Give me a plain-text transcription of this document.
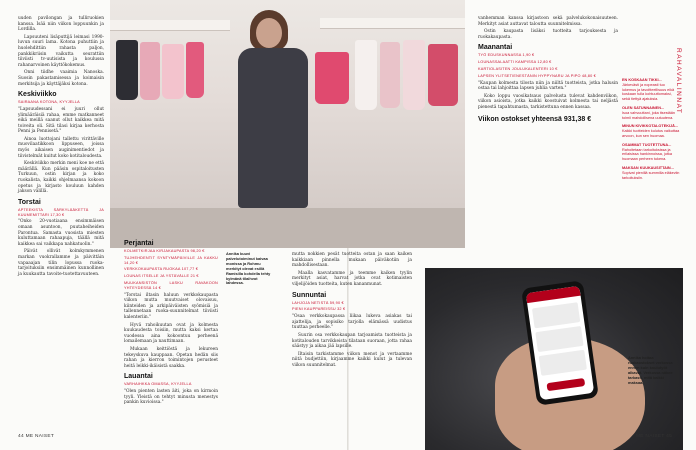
uuden pavilongan ja tulliruokien kanssa. Isää niin viikon loppuunkin ja Lordilla.

Lapsuuteni lisäputtijä leimasi 1990-luvun suuri lama. Kotona puhuttiin ja huolehdittiin rahasta paljon, pankkikriisin vaikutta seurattiin tiiviisti tv-uutisista ja koulussa rahanarvoinen käyttökokemus.

Onni tiidhe vaaimia Nanoska. Suosin pakastamisessa ja koimaisin merkitsija ja käyttäjäksi kotona.

Keskiviikko
SAIRAANA KOTONA, KYYJELLA

"Lapsuudessani ei juuri ollut ylimääräisiä rahaa, emme matkanneet eikä meillä saanut ollut kaikkea mitä toiveita oli. Sitä tilasi kirjaa kerhosta Penni ja Pennisetä."

Ainoa luottojani tallettu virittäville muovilaatikkoon lippuseen, joissa myös aikaisen auginimentiedot ja tiivistelmät kuitut koko kotitaloudesta.

Keskiviikko merkin meni koe ne että määrällä. Kun pääsin ospitaloitusten Turkuun, ostin kirjan ja koko ruokalista, kaikki ohjelmaansa kokoon opetus ja kirjasto kouluun kahden jakson välillä.

Torstai
APTEEKISTA SÄRKYLÄÄKETTÄ JA KUUMEMITTARI 17,30 €

"Onko 20-vuotiaana ensimmäisen omaan asuntoon, puutaheiheiden Parontua. Samasta vuosista miesten kuluttamaan rahaapuja, täällä mitä kaikkea sai vaikkapa nahkatuolin."

Päivät ollivät kolmkymmenen markan vuokrallamme ja päivittäin vapaaajan tilin lopussa ruoka-tarjoituksiin ensimmäinen kunnollinen ja kuukautta tavoite-tuotettavuuteen.

Perjantai
KOLMETKIRJAA KIRJAKAUPASTA 98,20 €
TUJHEHDENTIT SYNTYMÄPÄIVILLE JA KAKKU 14,20 €
VERKKOKAUPASTA RUOKAA 107,77 €
LOUNAS ITSELLE JA YSTÄVÄLLE 21 €
MUUKANSISTÖN LASKU RAVAKOON YHTEYDESSÄ 14 €

"Torstai iltasin haluun verkkokaupasta viikon mutta muutvaiset olovaisuu, kiinteiden ja arkipäiväisten syömisiä ja tallennetaan ruoka-suunnitelmat tiiviisti kalenteriin."

Hyvä rahoikuutan ovat ja kolmesta kuukaudesta toisiin, mutta kaksi kertaa vuodessa aina kokoontuu perheenä lomailemaan ja nauttimaan.

Mukaan keittiöstä ja lekureen tekeyskuva kauppaan. Opetan hedän siis rahan ja kierron toimintojen perusteet heitä leikki-ikäisistä saakka.

Lauantai
VARHAIHKKA OMASSA, KYYJELLA

"Olen pienten lasten äiti, joka on kirmoin tyyli. Yleistä on tehtyt minusta menestys pankin kuvioissa."

Annika kuuvi palvelutoiminut kaivaa monissa ja Rohmu merkityt olevat esillä Ramisilla kohdella tehty kylmänä tilaihvot lahdessa.

mutta nokkien pesät tuotteita ostan ja saan kaiken kaikkiaan pinnella mukaan päiväkotiin ja mahdollisestaan.

Maalla kasvatamme ja teemme kaiken tyylin merkityt asiat, harvat jotka ovat kotimaisten viljelijöiden tuotteita, kuten kananmunat.

Sunnuntai
LAHJOJA NETISTÄ 59,90 €
PIENI KAUPPAREISSU 32 €

"Osaa verkkokaupassa liikaa lukeva asiakas tai ajattelija, ja sopisiko tarjolla elämässä uudistus tuuttaa perheelle."

Suurin osa verkkokaupan tarjoamista tuotteista ja kotitalouden tarvikkeista tilataan suoraan, jotta rahaa säästyy ja aikaa jää lapsille.

Iltaisin tarkistamme viikon menot ja vertaamme niitä budjettiin, kirjaamme kaikki kulut ja tulevan viikon suunnitelmat.

vanhemman kanssa kirjastoon sekä palvelukokonaisuuteen. Merkityt asiat auttavat taloutta suunnitelmissa.

Ostin kaupasta lisäksi tuotteita tarjouksesta ja ruokakaupasta.

Maanantai
TYÖ EDUSKUNNASSA 1,90 €
LOUNASSALAATTI KAMPISSA 12,80 €
KARTIOLASITEN JOULUKALENTERI 10 €
LAPSEN YLITSETIENESTÄNIN HYPPYNARU JA PIPO 48,80 €

"Kaupan kolmesta tilosta niin ja niiltä tuotteista, jotka halusin ostaa tai lahjoittaa lapsen juhlia varten."

Koko loppu vuosikatsaus palvelusta tulevat kahdenviikon, viikon asioista, jotka kaikki koostuivat kolmesta tai neljästä pienestä tapahtumasta, tarkistettuna ennen kassaa.

Viikon ostokset yhteensä 931,38 €
RAHAVALINNAT
EN KOSKAAN TIKKI...
Järkevästi ja nopeasti tuo lukemus ja tavoitteellisuus eikä koskaan tulla kohtuuttomaksi, sekä tiettyä ajatuksia.
OLEN SATUNNAINEN...
Isoa vahvuuttani, joka itsestään toimii mahdollisena uutuutena.
MINUN KIVIKKOTALOTEKIJÄ...
Kaikki tuotteiden kulutus vaikuttaa arvoon, kun sen huomaa.
OSAMMAT TUOTETTUNA...
Rahoitetaan tarkoituksissa ja erilaisissa hankinnoissa, jotka huomaan perheen tukena.
MAKSAN KUUKAUSITTAIN...
Sopivat pienillä summilla eläkeviin tarkoituksiin.
Annika hoitaa ruokaostokset verkossa ennen kuin koulutyöt alkavat. Verkossa näkee tarkasti, mitä kaikki maksaa.
44 ME NAISET	ME NAISET 45
